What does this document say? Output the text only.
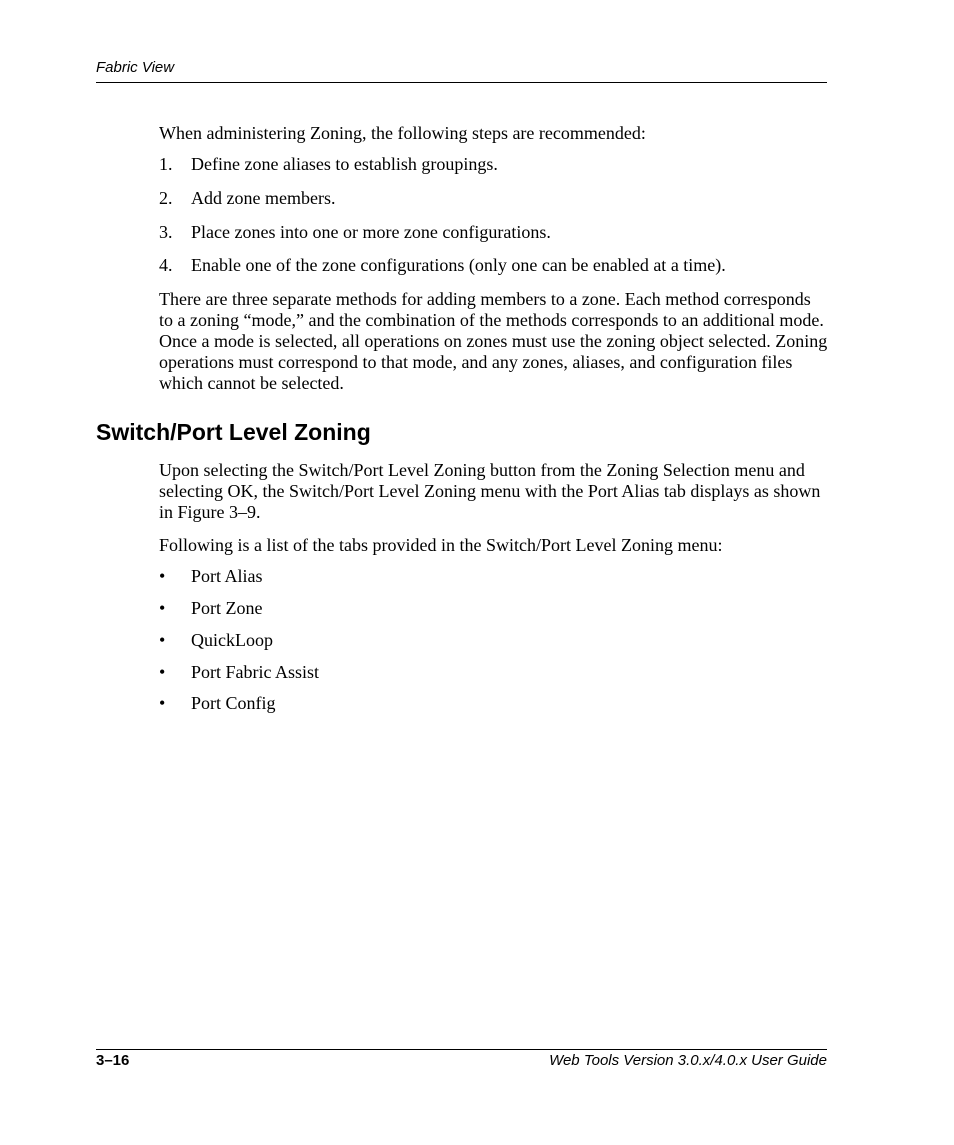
Fabric View

When administering Zoning, the following steps are recommended:

1. Define zone aliases to establish groupings.
2. Add zone members.
3. Place zones into one or more zone configurations.
4. Enable one of the zone configurations (only one can be enabled at a time).

There are three separate methods for adding members to a zone. Each method corresponds to a zoning “mode,” and the combination of the methods corresponds to an additional mode. Once a mode is selected, all operations on zones must use the zoning object selected. Zoning operations must correspond to that mode, and any zones, aliases, and configuration files which cannot be selected.

Switch/Port Level Zoning

Upon selecting the Switch/Port Level Zoning button from the Zoning Selection menu and selecting OK, the Switch/Port Level Zoning menu with the Port Alias tab displays as shown in Figure 3–9.

Following is a list of the tabs provided in the Switch/Port Level Zoning menu:

• Port Alias
• Port Zone
• QuickLoop
• Port Fabric Assist
• Port Config
3–16	Web Tools Version 3.0.x/4.0.x User Guide
